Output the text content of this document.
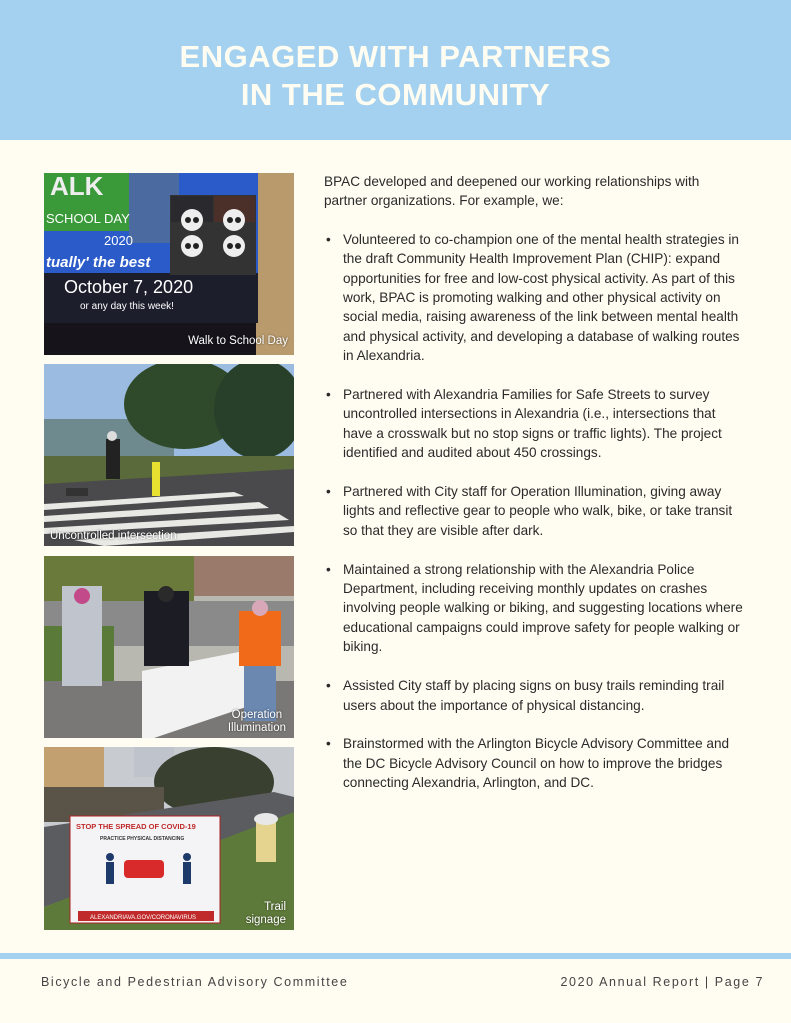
ENGAGED WITH PARTNERS
IN THE COMMUNITY
ALK
SCHOOL DAY
2020
tually' the best
October 7, 2020
or any day this week!
Walk to School Day
Uncontrolled intersection
Operation
Illumination
STOP THE SPREAD OF COVID-19
PRACTICE PHYSICAL DISTANCING
ALEXANDRIAVA.GOV/CORONAVIRUS
Trail
signage

BPAC developed and deepened our working relationships with partner organizations. For example, we:

• Volunteered to co-champion one of the mental health strategies in the draft Community Health Improvement Plan (CHIP): expand opportunities for free and low-cost physical activity. As part of this work, BPAC is promoting walking and other physical activity on social media, raising awareness of the link between mental health and physical activity, and developing a database of walking routes in Alexandria.
• Partnered with Alexandria Families for Safe Streets to survey uncontrolled intersections in Alexandria (i.e., intersections that have a crosswalk but no stop signs or traffic lights). The project identified and audited about 450 crossings.
• Partnered with City staff for Operation Illumination, giving away lights and reflective gear to people who walk, bike, or take transit so that they are visible after dark.
• Maintained a strong relationship with the Alexandria Police Department, including receiving monthly updates on crashes involving people walking or biking, and suggesting locations where educational campaigns could improve safety for people walking or biking.
• Assisted City staff by placing signs on busy trails reminding trail users about the importance of physical distancing.
• Brainstormed with the Arlington Bicycle Advisory Committee and the DC Bicycle Advisory Council on how to improve the bridges connecting Alexandria, Arlington, and DC.
Bicycle and Pedestrian Advisory Committee	2020 Annual Report | Page 7
